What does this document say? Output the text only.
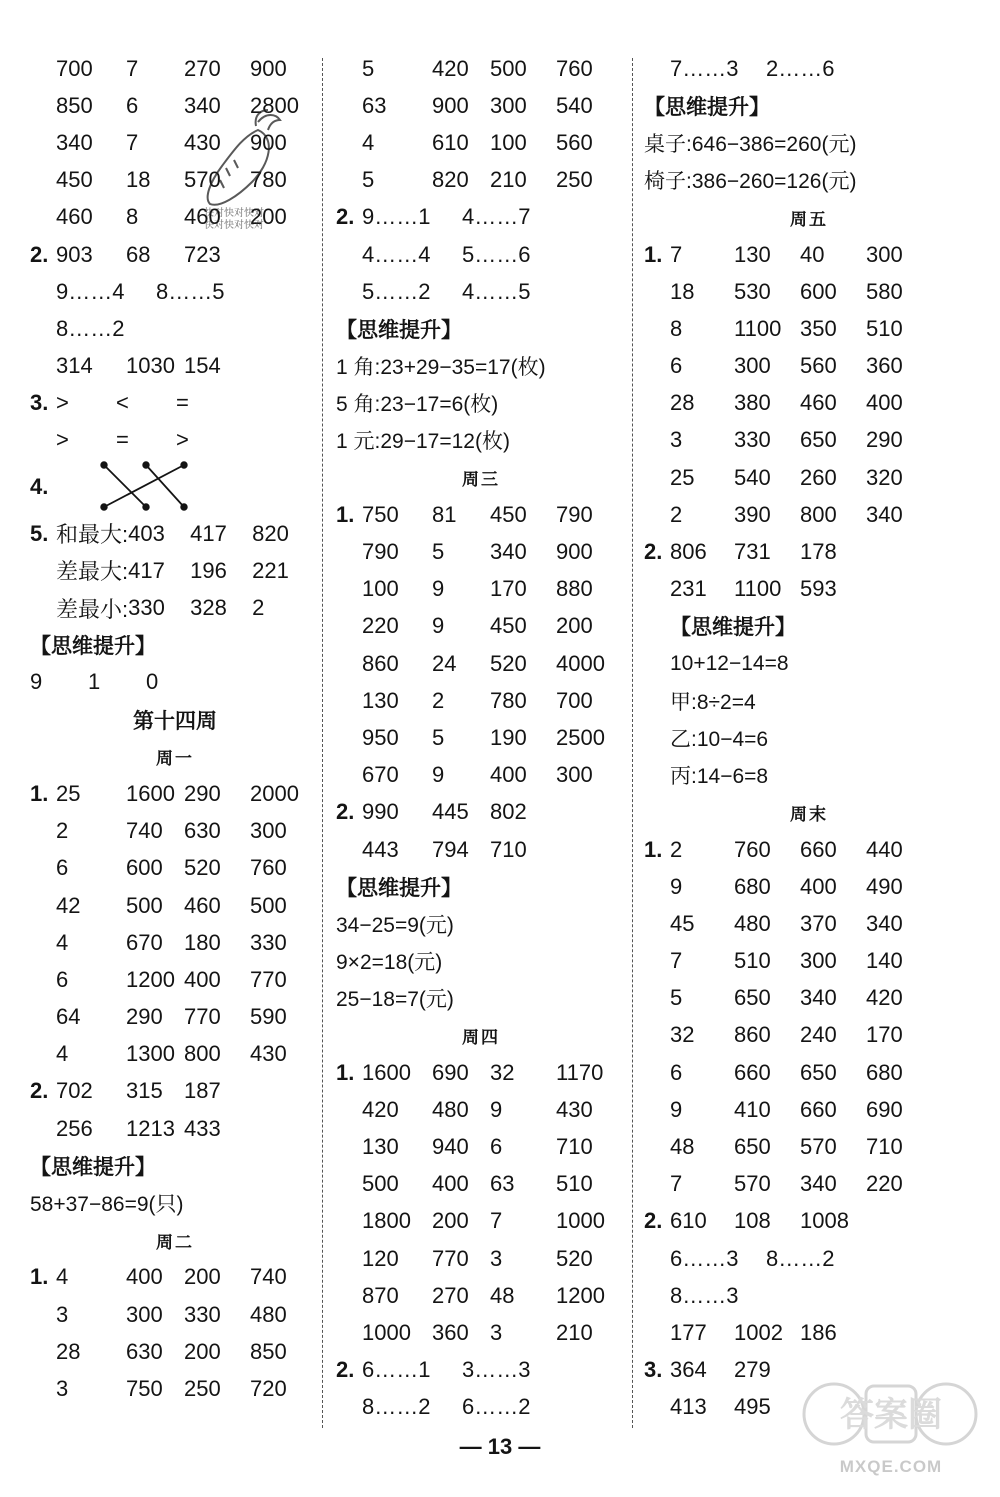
700	7	270	900
850	6	340	2800
340	7	430	900
450	18	570	780
460	8	460	200
2. 903	68	723
9……4	8……5
8……2
314	1030 154
3. >	<	=
>	=	>
4.
5. 和最大: 403	417	820
差最大: 417	196	221
差最小: 330	328	2
【思维提升】
9	1	0
第十四周
周一
1. 25	1600 290	2000
2	740 630	300
6	600 520	760
42	500 460	500
4	670 180	330
6	1200 400	770
64	290 770	590
4	1300 800	430
2. 702	315 187
256	1213 433
【思维提升】
58+37−86=9(只)
周二
1. 4	400 200	740
3	300 330	480
28	630 200	850
3	750 250	720
快对快对快对
快对快对快对
5	420 500	760
63	900 300	540
4	610 100	560
5	820 210	250
2. 9……1	4……7
4……4	5……6
5……2	4……5
【思维提升】
1 角:23+29−35=17(枚)
5 角:23−17=6(枚)
1 元:29−17=12(枚)
周三
1. 750	81	450	790
790	5	340	900
100	9	170	880
220	9	450	200
860	24	520	4000
130	2	780	700
950	5	190	2500
670	9	400	300
2. 990	445 802
443	794 710
【思维提升】
34−25=9(元)
9×2=18(元)
25−18=7(元)
周四
1. 1600 690 32	1170
420	480 9	430
130	940 6	710
500	400 63	510
1800 200 7	1000
120	770 3	520
870	270 48	1200
1000 360 3	210
2. 6……1	3……3
8……2	6……2
7……3	2……6
【思维提升】
桌子:646−386=260(元)
椅子:386−260=126(元)
周五
1. 7	130	40	300
18	530	600	580
8	1100 350	510
6	300	560	360
28	380	460	400
3	330	650	290
25	540	260	320
2	390	800	340
2. 806	731	178
231	1100 593
【思维提升】
10+12−14=8
甲:8÷2=4
乙:10−4=6
丙:14−6=8
周末
1. 2	760	660	440
9	680	400	490
45	480	370	340
7	510	300	140
5	650	340	420
32	860	240	170
6	660	650	680
9	410	660	690
48	650	570	710
7	570	340	220
2. 610	108	1008
6……3	8……2
8……3
177	1002 186
3. 364	279
413	495
— 13 —
答案圈
MXQE.COM
